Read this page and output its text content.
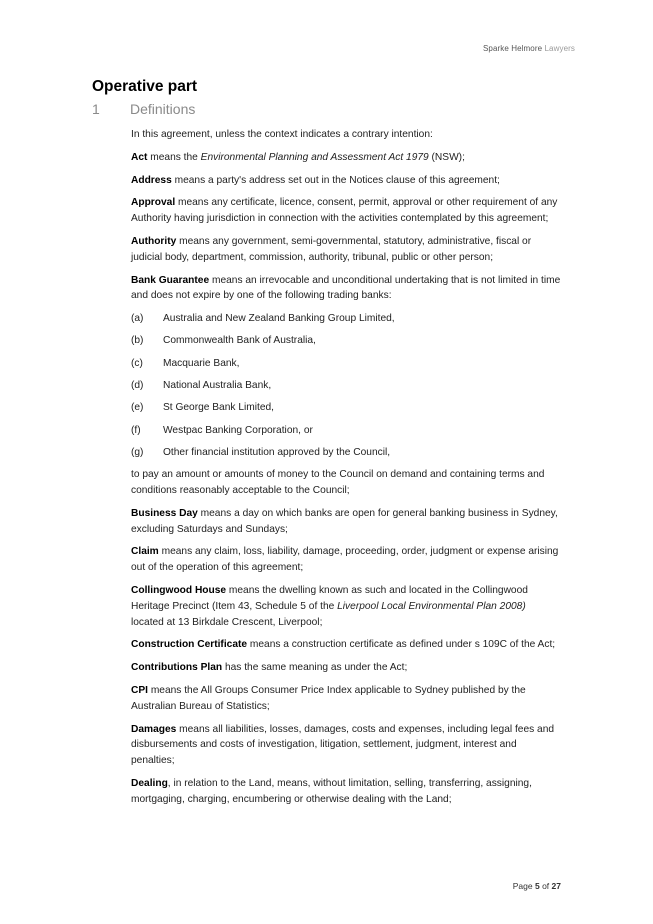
Sparke Helmore Lawyers
Operative part
1 Definitions

In this agreement, unless the context indicates a contrary intention:

Act means the Environmental Planning and Assessment Act 1979 (NSW);

Address means a party's address set out in the Notices clause of this agreement;

Approval means any certificate, licence, consent, permit, approval or other requirement of any Authority having jurisdiction in connection with the activities contemplated by this agreement;

Authority means any government, semi-governmental, statutory, administrative, fiscal or judicial body, department, commission, authority, tribunal, public or other person;

Bank Guarantee means an irrevocable and unconditional undertaking that is not limited in time and does not expire by one of the following trading banks:

(a)	Australia and New Zealand Banking Group Limited,
(b)	Commonwealth Bank of Australia,
(c)	Macquarie Bank,
(d)	National Australia Bank,
(e)	St George Bank Limited,
(f)	Westpac Banking Corporation, or
(g)	Other financial institution approved by the Council,

to pay an amount or amounts of money to the Council on demand and containing terms and conditions reasonably acceptable to the Council;

Business Day means a day on which banks are open for general banking business in Sydney, excluding Saturdays and Sundays;

Claim means any claim, loss, liability, damage, proceeding, order, judgment or expense arising out of the operation of this agreement;

Collingwood House means the dwelling known as such and located in the Collingwood Heritage Precinct (Item 43, Schedule 5 of the Liverpool Local Environmental Plan 2008) located at 13 Birkdale Crescent, Liverpool;

Construction Certificate means a construction certificate as defined under s 109C of the Act;

Contributions Plan has the same meaning as under the Act;

CPI means the All Groups Consumer Price Index applicable to Sydney published by the Australian Bureau of Statistics;

Damages means all liabilities, losses, damages, costs and expenses, including legal fees and disbursements and costs of investigation, litigation, settlement, judgment, interest and penalties;

Dealing, in relation to the Land, means, without limitation, selling, transferring, assigning, mortgaging, charging, encumbering or otherwise dealing with the Land;

Page 5 of 27
